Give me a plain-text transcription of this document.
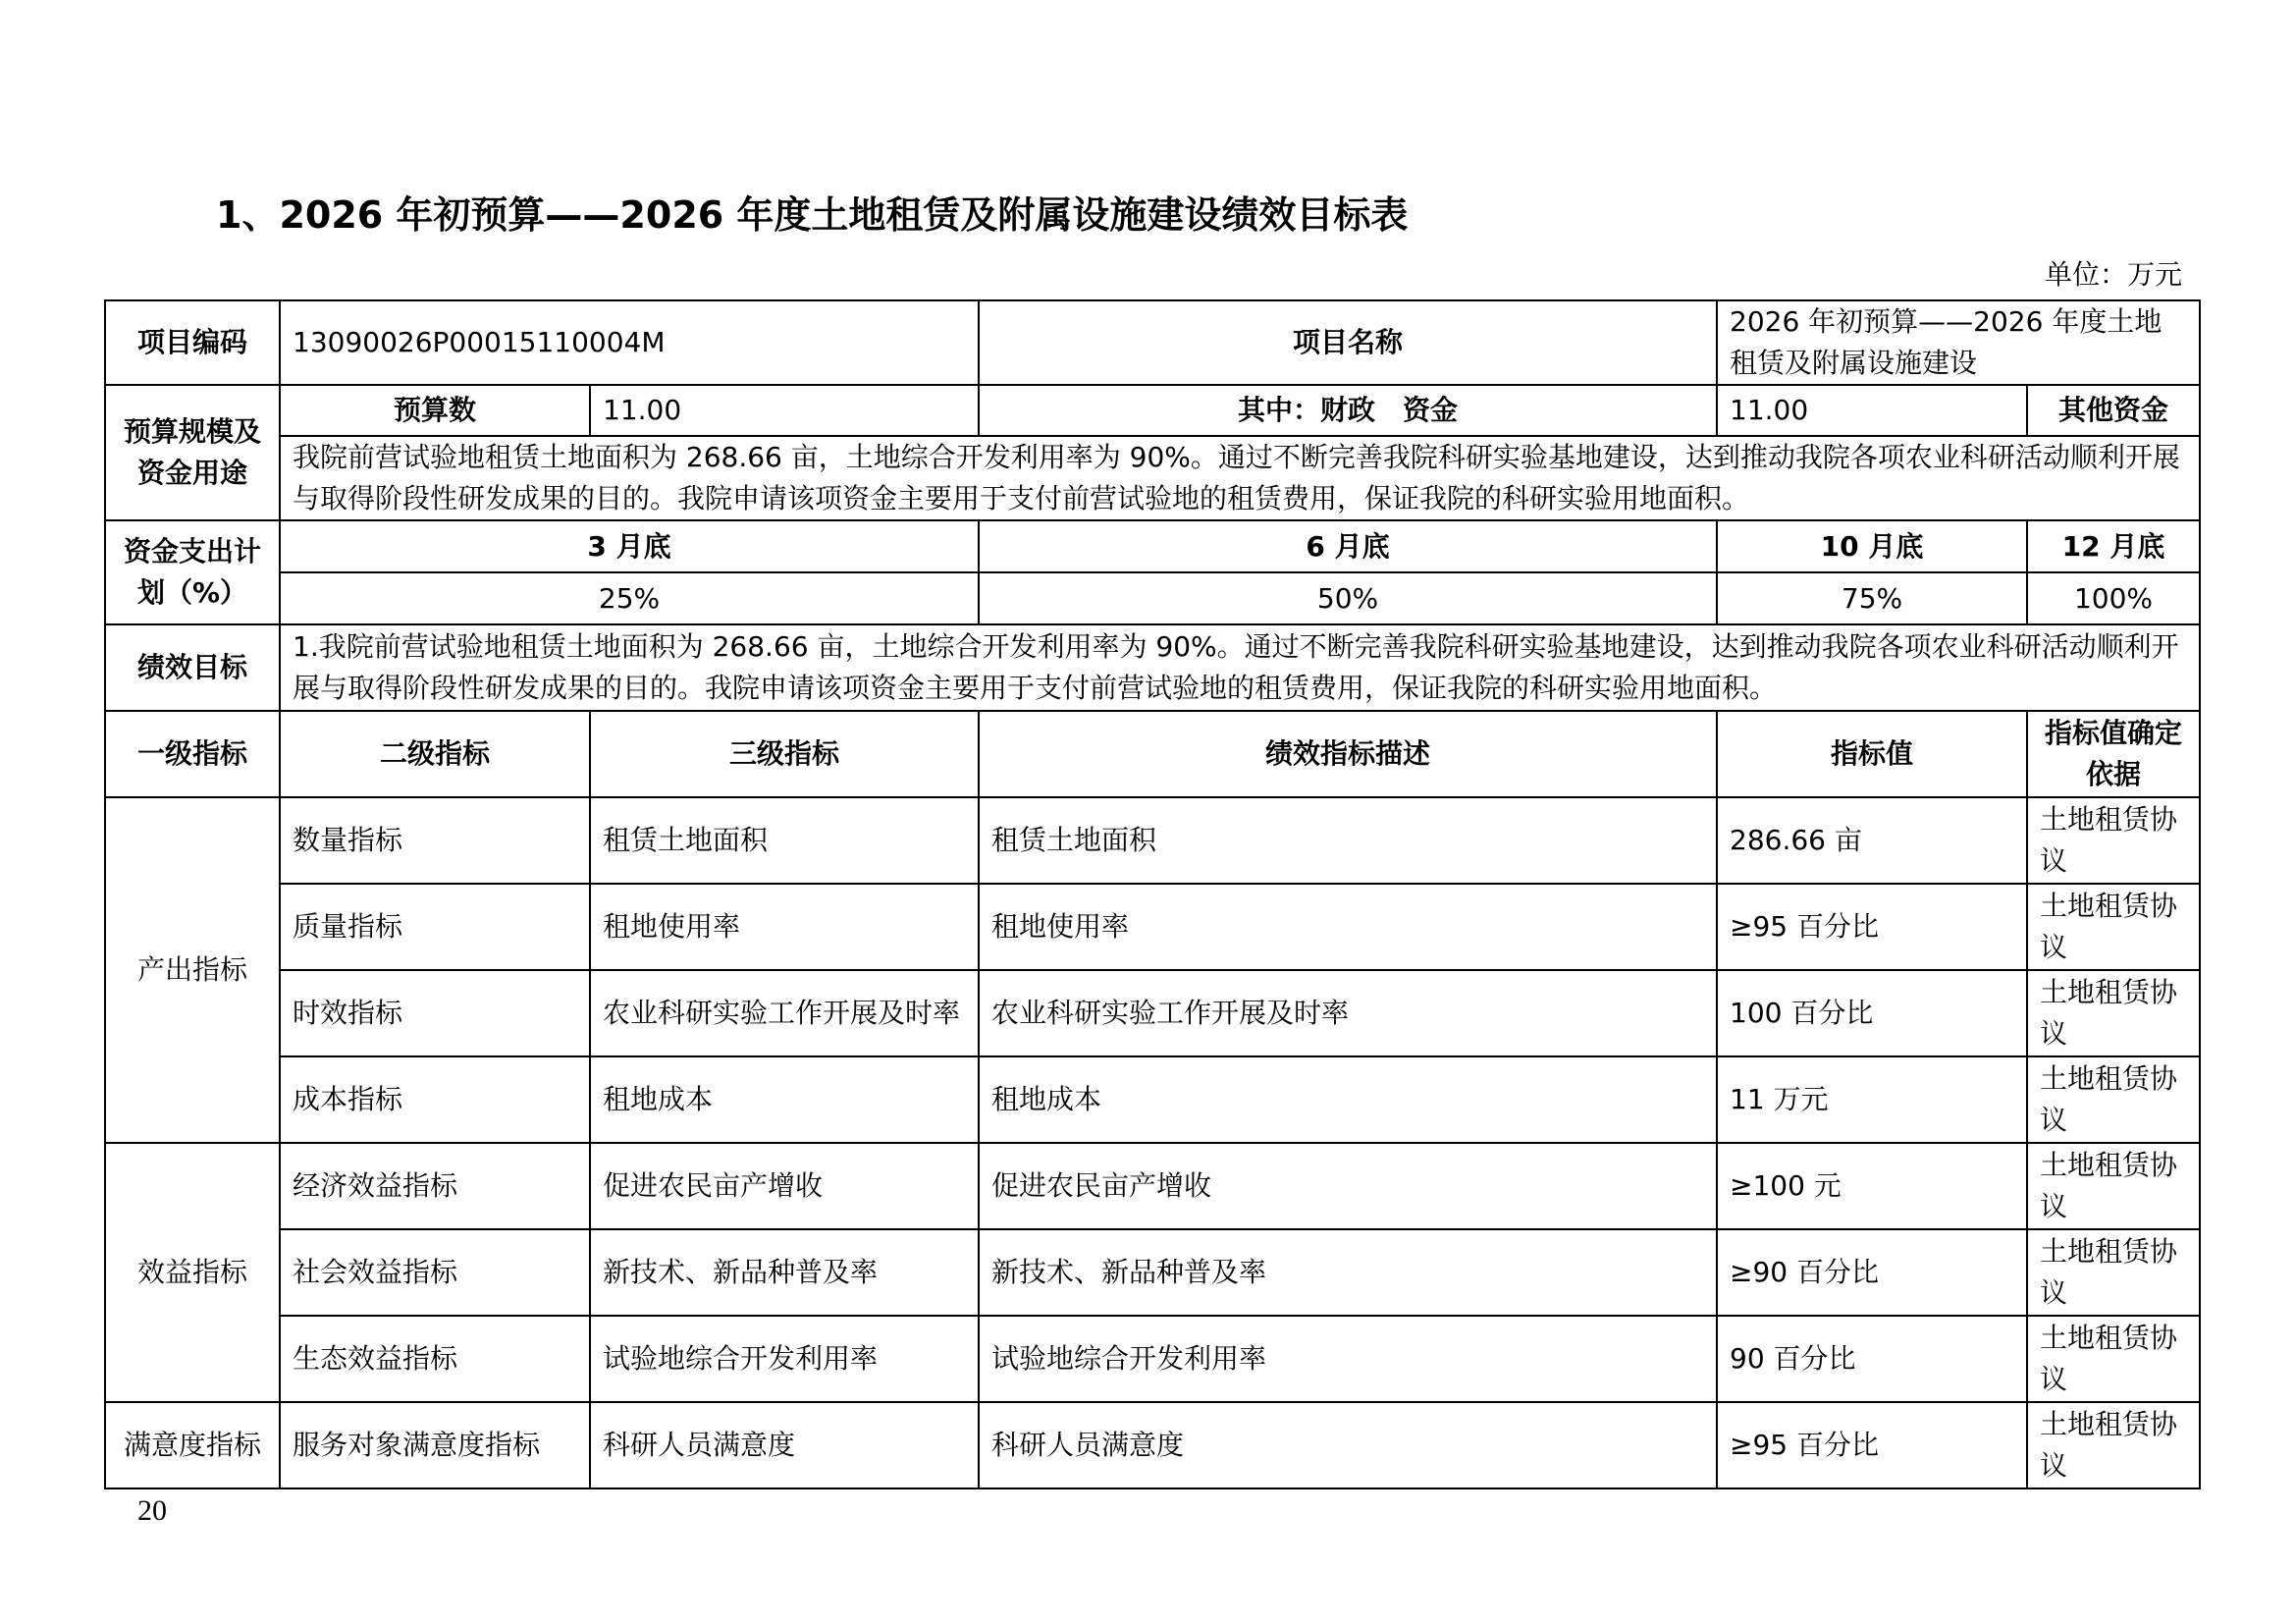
1、2026 年初预算——2026 年度土地租赁及附属设施建设绩效目标表
单位：万元
项目编码	13090026P00015110004M		项目名称	2026 年初预算——2026 年度土地租赁及附属设施建设	
预算规模及资金用途	预算数	11.00	其中：财政　资金	11.00	其他资金
	我院前营试验地租赁土地面积为 268.66 亩，土地综合开发利用率为 90%。通过不断完善我院科研实验基地建设，达到推动我院各项农业科研活动顺利开展与取得阶段性研发成果的目的。我院申请该项资金主要用于支付前营试验地的租赁费用，保证我院的科研实验用地面积。				
资金支出计划（%）	3 月底		6 月底	10 月底	12 月底
	25%		50%	75%	100%
绩效目标	1.我院前营试验地租赁土地面积为 268.66 亩，土地综合开发利用率为 90%。通过不断完善我院科研实验基地建设，达到推动我院各项农业科研活动顺利开展与取得阶段性研发成果的目的。我院申请该项资金主要用于支付前营试验地的租赁费用，保证我院的科研实验用地面积。				
一级指标	二级指标	三级指标	绩效指标描述	指标值	指标值确定依据
产出指标	数量指标	租赁土地面积	租赁土地面积	286.66 亩	土地租赁协议
	质量指标	租地使用率	租地使用率	≥95 百分比	土地租赁协议
	时效指标	农业科研实验工作开展及时率	农业科研实验工作开展及时率	100 百分比	土地租赁协议
	成本指标	租地成本	租地成本	11 万元	土地租赁协议
效益指标	经济效益指标	促进农民亩产增收	促进农民亩产增收	≥100 元	土地租赁协议
	社会效益指标	新技术、新品种普及率	新技术、新品种普及率	≥90 百分比	土地租赁协议
	生态效益指标	试验地综合开发利用率	试验地综合开发利用率	90 百分比	土地租赁协议
满意度指标	服务对象满意度指标	科研人员满意度	科研人员满意度	≥95 百分比	土地租赁协议
20
